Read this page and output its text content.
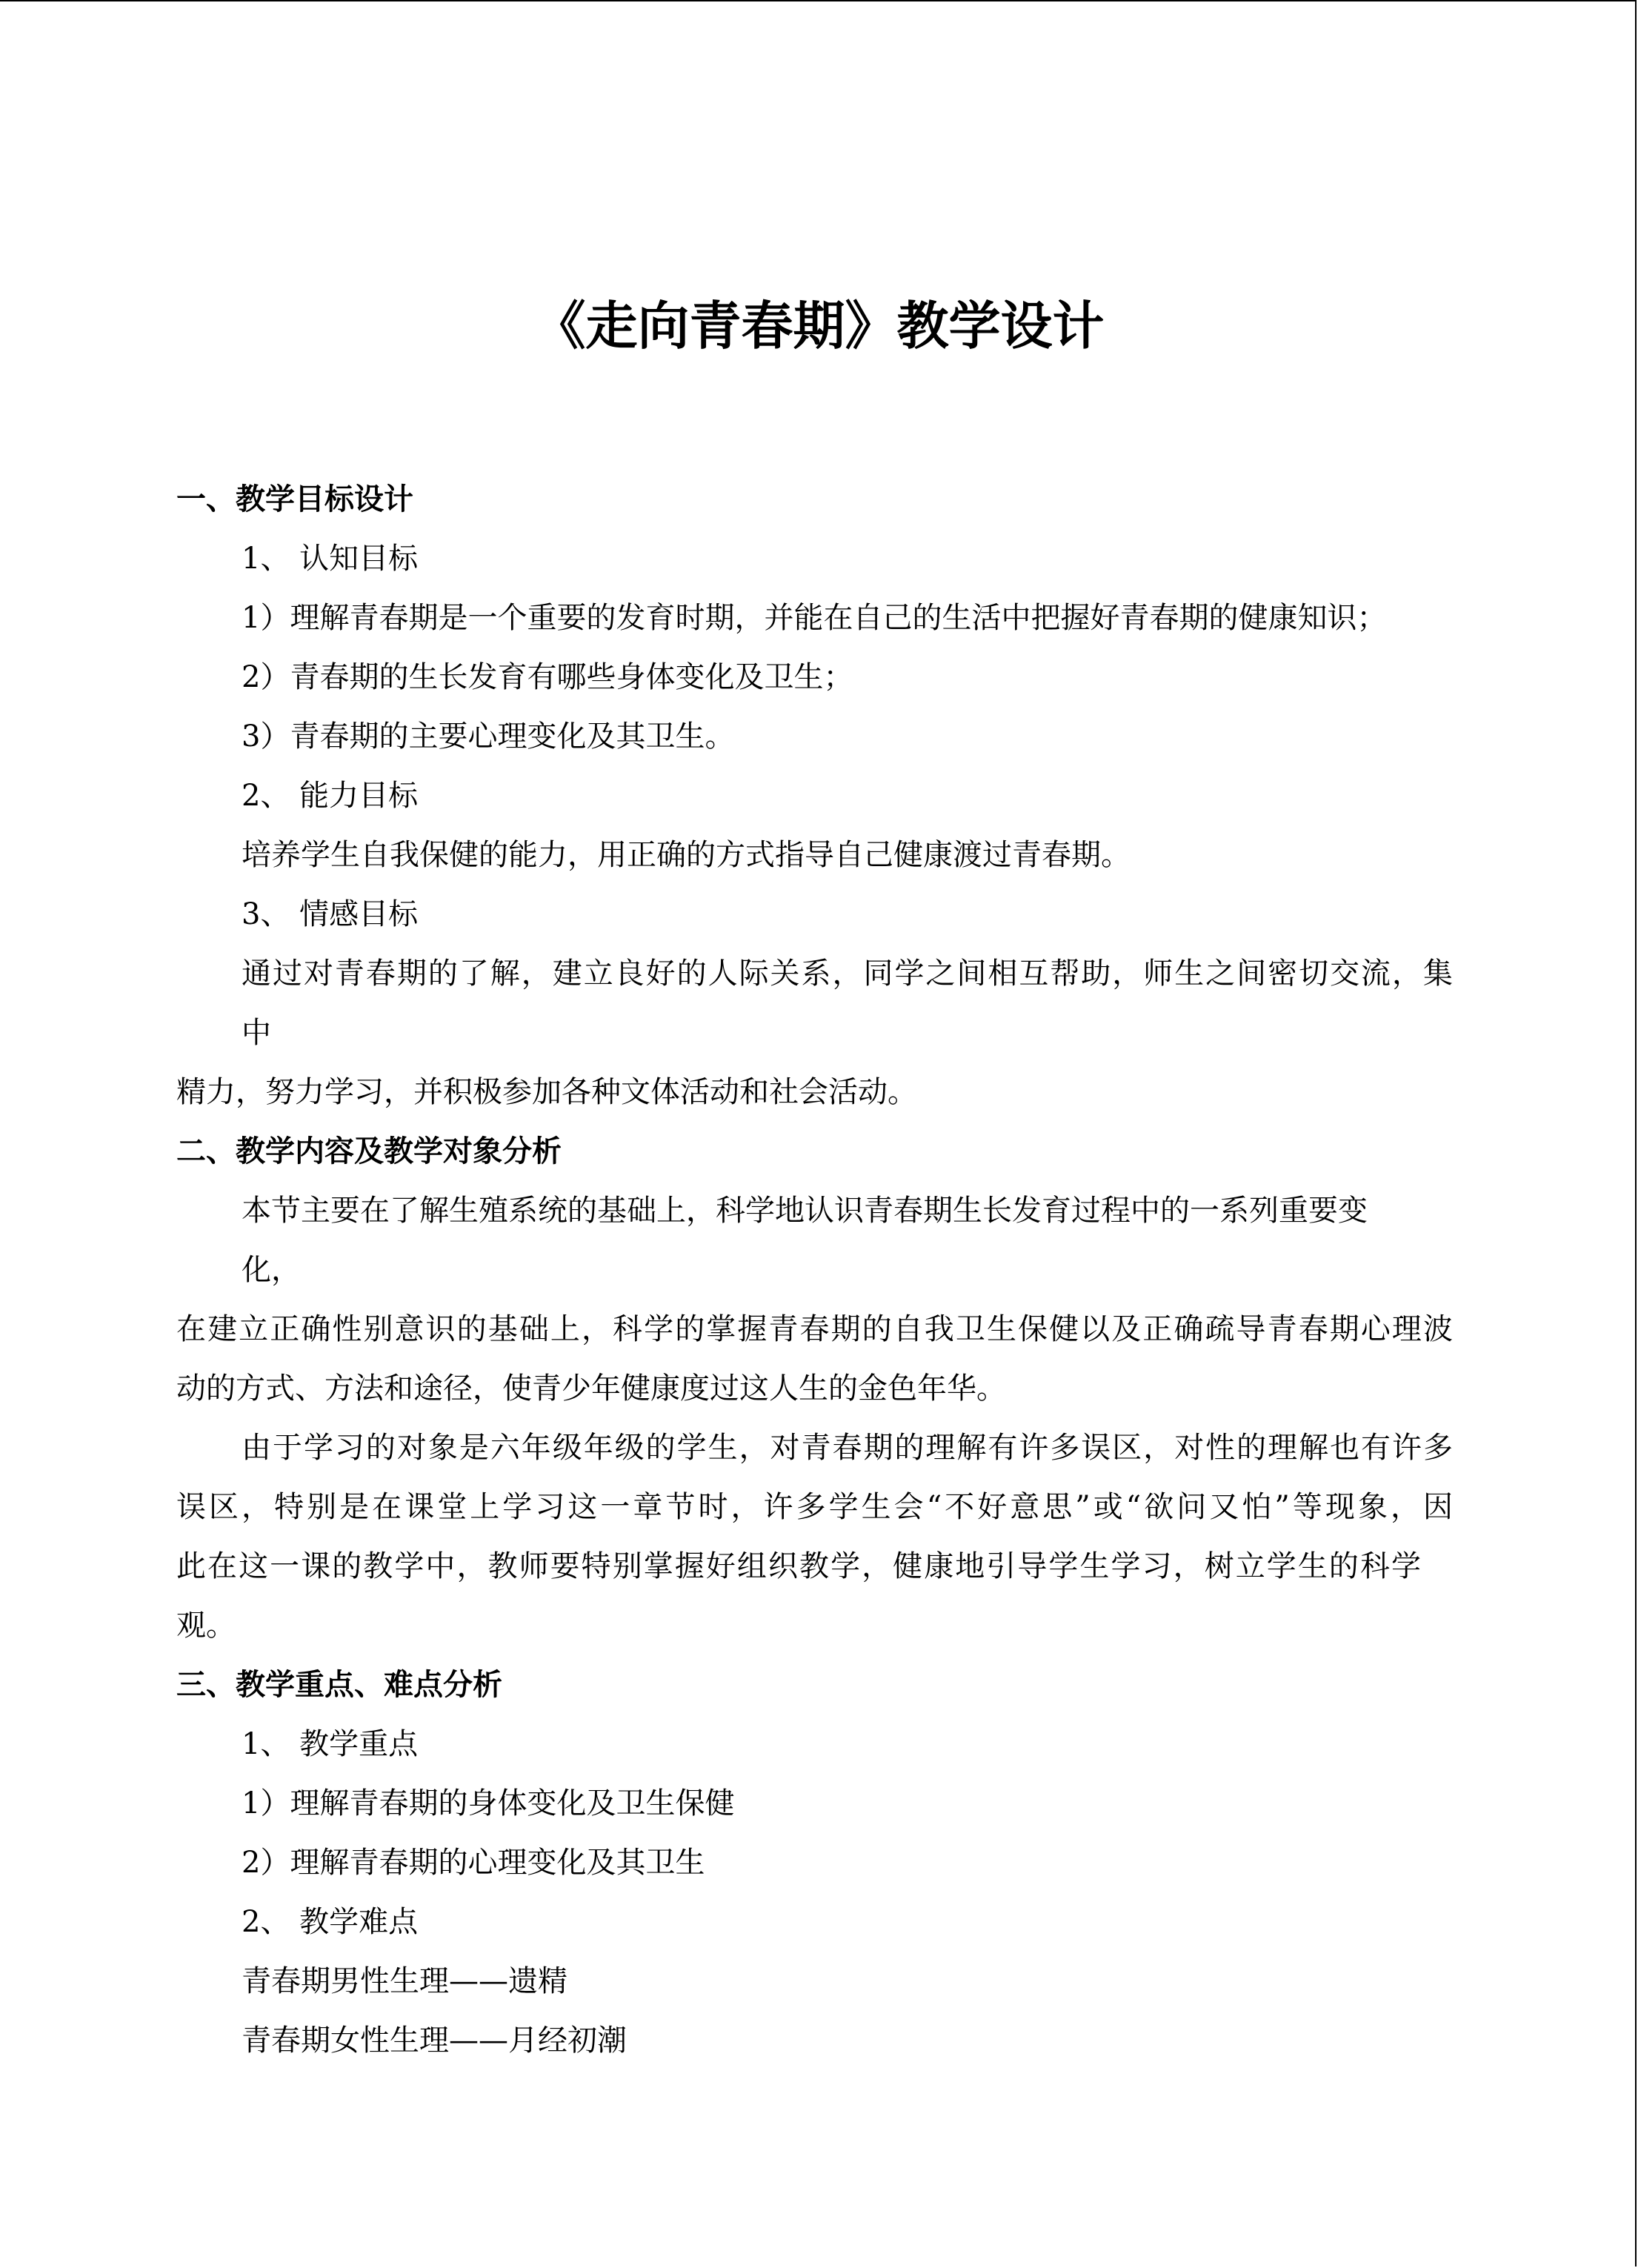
《走向青春期》教学设计
一、教学目标设计
1、 认知目标
1）理解青春期是一个重要的发育时期，并能在自己的生活中把握好青春期的健康知识；
2）青春期的生长发育有哪些身体变化及卫生；
3）青春期的主要心理变化及其卫生。
2、 能力目标
培养学生自我保健的能力，用正确的方式指导自己健康渡过青春期。
3、 情感目标
通过对青春期的了解，建立良好的人际关系，同学之间相互帮助，师生之间密切交流，集
中
精力，努力学习，并积极参加各种文体活动和社会活动。
二、教学内容及教学对象分析
本节主要在了解生殖系统的基础上，科学地认识青春期生长发育过程中的一系列重要变
化，
在建立正确性别意识的基础上，科学的掌握青春期的自我卫生保健以及正确疏导青春期心理波
动的方式、方法和途径，使青少年健康度过这人生的金色年华。
由于学习的对象是六年级年级的学生，对青春期的理解有许多误区，对性的理解也有许多
误区，特别是在课堂上学习这一章节时，许多学生会“不好意思”或“欲问又怕”等现象，因
此在这一课的教学中，教师要特别掌握好组织教学，健康地引导学生学习，树立学生的科学
观。
三、教学重点、难点分析
1、 教学重点
1）理解青春期的身体变化及卫生保健
2）理解青春期的心理变化及其卫生
2、 教学难点
青春期男性生理——遗精
青春期女性生理——月经初潮
